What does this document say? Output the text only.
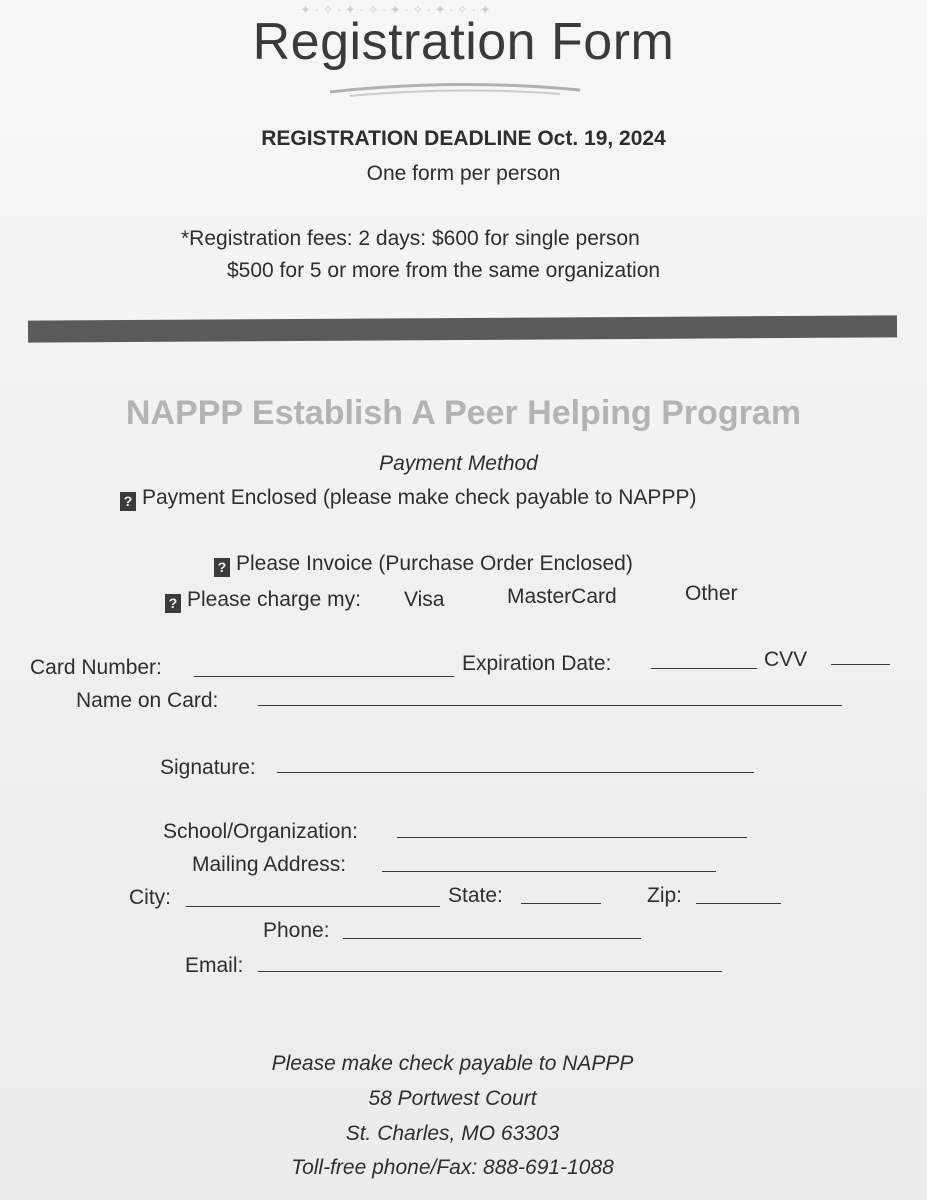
✦ · ✧ · ✦ · ✧ · ✦ · ✧ · ✦ · ✧ · ✦
Registration Form
REGISTRATION DEADLINE Oct. 19, 2024
One form per person
*Registration fees: 2 days: $600 for single person
$500 for 5 or more from the same organization
NAPPP Establish A Peer Helping Program
Payment Method
? Payment Enclosed (please make check payable to NAPPP)
? Please Invoice (Purchase Order Enclosed)
? Please charge my: Visa	MasterCard	Other
Card Number:	Expiration Date:	CVV
Name on Card:
Signature:
School/Organization:
Mailing Address:
City:	State:	Zip:
Phone:
Email:
Please make check payable to NAPPP
58 Portwest Court
St. Charles, MO 63303
Toll-free phone/Fax: 888-691-1088
